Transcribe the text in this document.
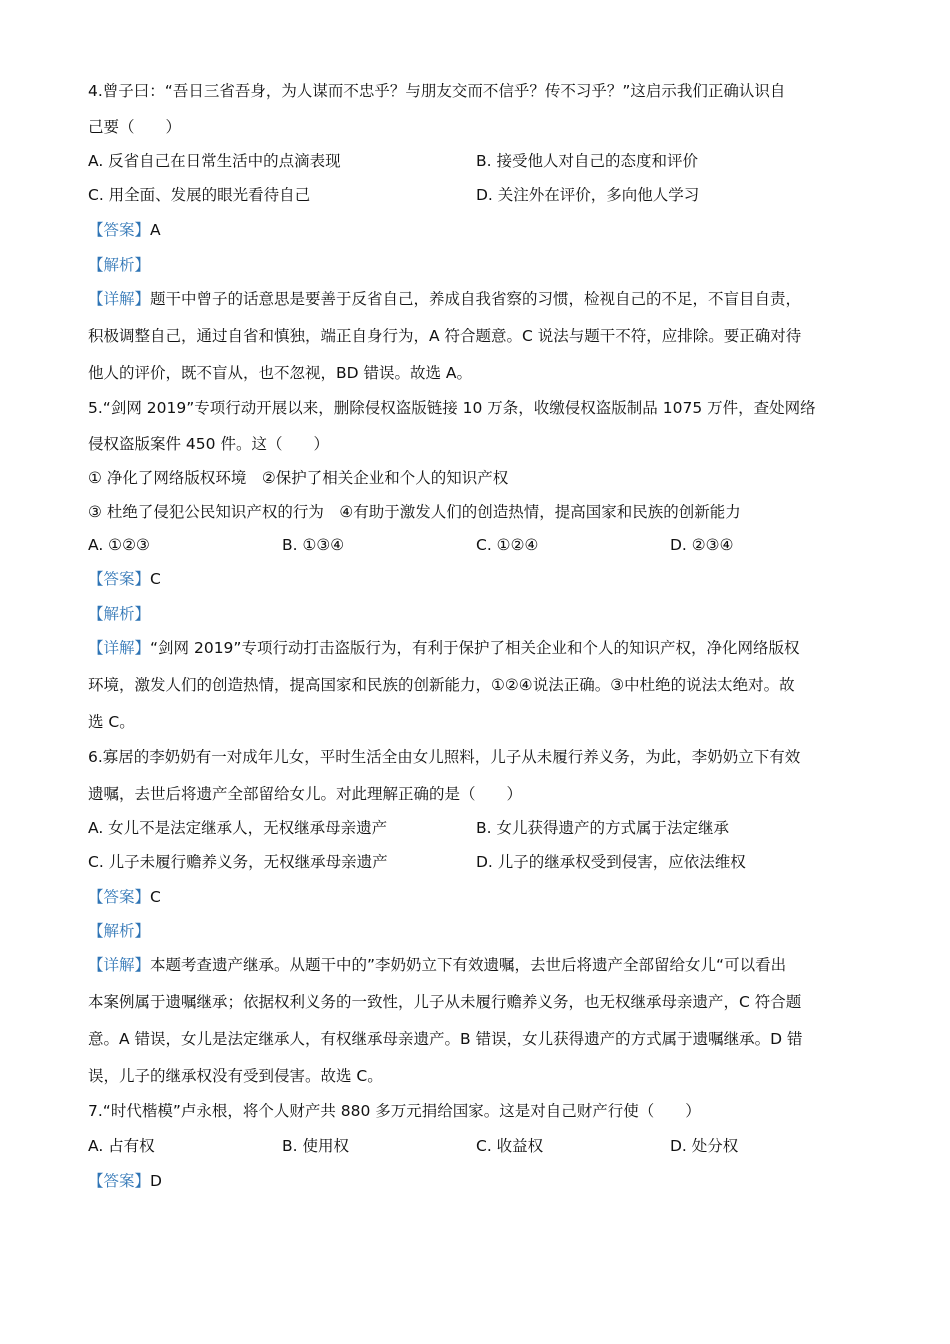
4.曾子曰：“吾日三省吾身，为人谋而不忠乎？与朋友交而不信乎？传不习乎？”这启示我们正确认识自
己要（　　）
A. 反省自己在日常生活中的点滴表现	B. 接受他人对自己的态度和评价
C. 用全面、发展的眼光看待自己	D. 关注外在评价，多向他人学习
【答案】A
【解析】
【详解】题干中曾子的话意思是要善于反省自己，养成自我省察的习惯，检视自己的不足，不盲目自责，
积极调整自己，通过自省和慎独，端正自身行为，A 符合题意。C 说法与题干不符，应排除。要正确对待
他人的评价，既不盲从，也不忽视，BD 错误。故选 A。
5.“剑网 2019”专项行动开展以来，删除侵权盗版链接 10 万条，收缴侵权盗版制品 1075 万件，查处网络
侵权盗版案件 450 件。这（　　）
① 净化了网络版权环境　②保护了相关企业和个人的知识产权
③ 杜绝了侵犯公民知识产权的行为　④有助于激发人们的创造热情，提高国家和民族的创新能力
A. ①②③	B. ①③④	C. ①②④	D. ②③④
【答案】C
【解析】
【详解】“剑网 2019”专项行动打击盗版行为，有利于保护了相关企业和个人的知识产权，净化网络版权
环境，激发人们的创造热情，提高国家和民族的创新能力，①②④说法正确。③中杜绝的说法太绝对。故
选 C。
6.寡居的李奶奶有一对成年儿女，平时生活全由女儿照料，儿子从未履行养义务，为此，李奶奶立下有效
遗嘱，去世后将遗产全部留给女儿。对此理解正确的是（　　）
A. 女儿不是法定继承人，无权继承母亲遗产	B. 女儿获得遗产的方式属于法定继承
C. 儿子未履行赡养义务，无权继承母亲遗产	D. 儿子的继承权受到侵害，应依法维权
【答案】C
【解析】
【详解】本题考查遗产继承。从题干中的”李奶奶立下有效遗嘱，去世后将遗产全部留给女儿“可以看出
本案例属于遗嘱继承；依据权利义务的一致性，儿子从未履行赡养义务，也无权继承母亲遗产，C 符合题
意。A 错误，女儿是法定继承人，有权继承母亲遗产。B 错误，女儿获得遗产的方式属于遗嘱继承。D 错
误，儿子的继承权没有受到侵害。故选 C。
7.“时代楷模”卢永根，将个人财产共 880 多万元捐给国家。这是对自己财产行使（　　）
A. 占有权	B. 使用权	C. 收益权	D. 处分权
【答案】D
